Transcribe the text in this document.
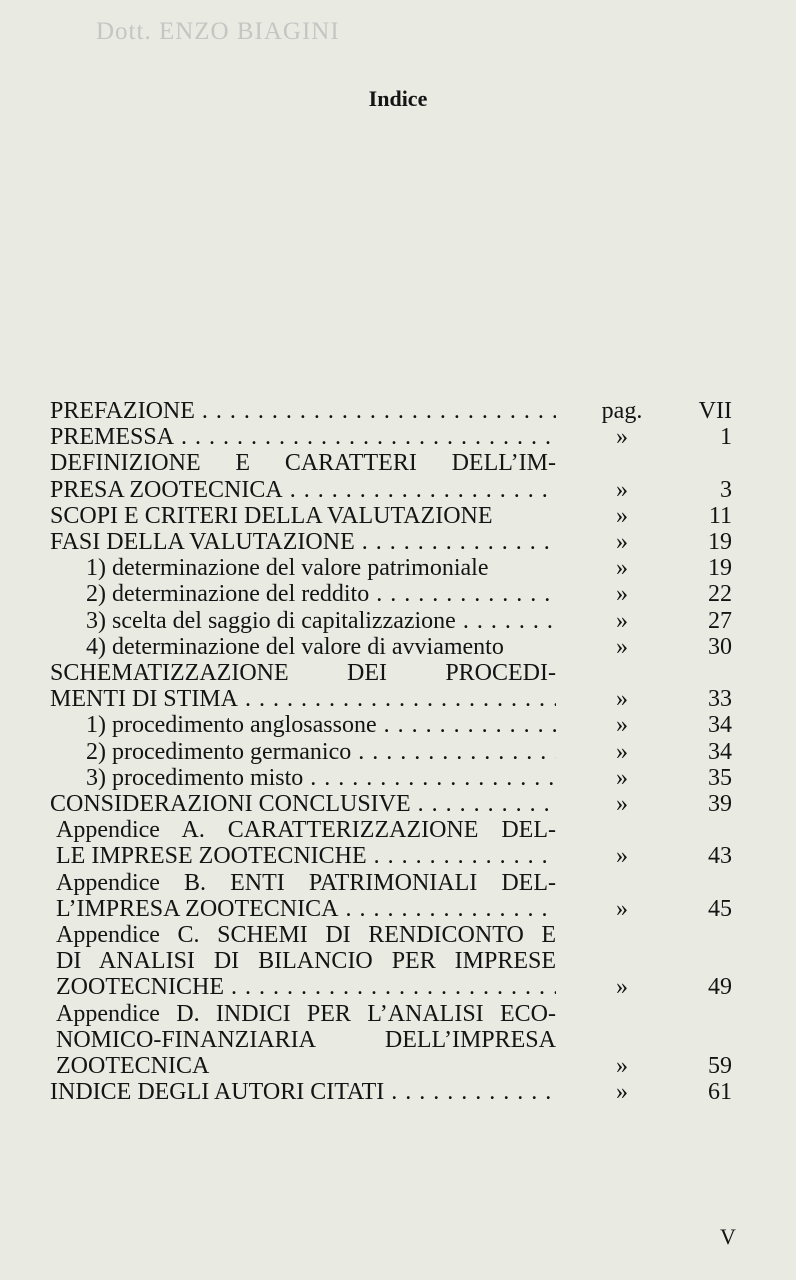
Dott. ENZO BIAGINI
Indice
PREFAZIONE . . .	pag.	VII
PREMESSA . . .	»	1
DEFINIZIONE E CARATTERI DELL’IM-
PRESA ZOOTECNICA . . .	»	3
SCOPI E CRITERI DELLA VALUTAZIONE	»	11
FASI DELLA VALUTAZIONE . . .	»	19
1) determinazione del valore patrimoniale	»	19
2) determinazione del reddito . . .	»	22
3) scelta del saggio di capitalizzazione . . .	»	27
4) determinazione del valore di avviamento	»	30
SCHEMATIZZAZIONE DEI PROCEDI-
MENTI DI STIMA . . .	»	33
1) procedimento anglosassone . . .	»	34
2) procedimento germanico . . .	»	34
3) procedimento misto . . .	»	35
CONSIDERAZIONI CONCLUSIVE . . .	»	39
Appendice A. CARATTERIZZAZIONE DEL-
LE IMPRESE ZOOTECNICHE . . .	»	43
Appendice B. ENTI PATRIMONIALI DEL-
L’IMPRESA ZOOTECNICA . . .	»	45
Appendice C. SCHEMI DI RENDICONTO E
DI ANALISI DI BILANCIO PER IMPRESE
ZOOTECNICHE . . .	»	49
Appendice D. INDICI PER L’ANALISI ECO-
NOMICO-FINANZIARIA DELL’IMPRESA
ZOOTECNICA	»	59
INDICE DEGLI AUTORI CITATI . . .	»	61
V
